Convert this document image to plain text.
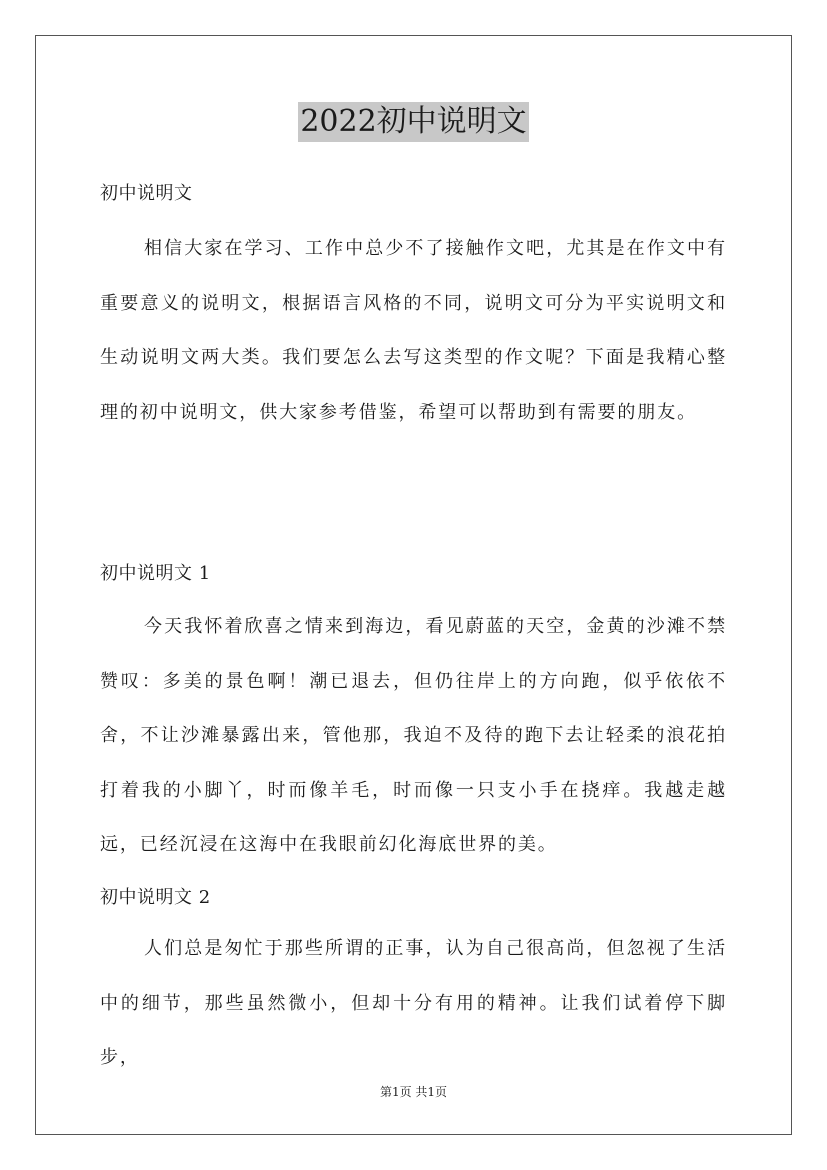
2022初中说明文
初中说明文

相信大家在学习、工作中总少不了接触作文吧，尤其是在作文中有重要意义的说明文，根据语言风格的不同，说明文可分为平实说明文和生动说明文两大类。我们要怎么去写这类型的作文呢？下面是我精心整理的初中说明文，供大家参考借鉴，希望可以帮助到有需要的朋友。

初中说明文 1

今天我怀着欣喜之情来到海边，看见蔚蓝的天空，金黄的沙滩不禁赞叹：多美的景色啊！潮已退去，但仍往岸上的方向跑，似乎依依不舍，不让沙滩暴露出来，管他那，我迫不及待的跑下去让轻柔的浪花拍打着我的小脚丫，时而像羊毛，时而像一只支小手在挠痒。我越走越远，已经沉浸在这海中在我眼前幻化海底世界的美。

初中说明文 2

人们总是匆忙于那些所谓的正事，认为自己很高尚，但忽视了生活中的细节，那些虽然微小，但却十分有用的精神。让我们试着停下脚步，

第1页 共1页
